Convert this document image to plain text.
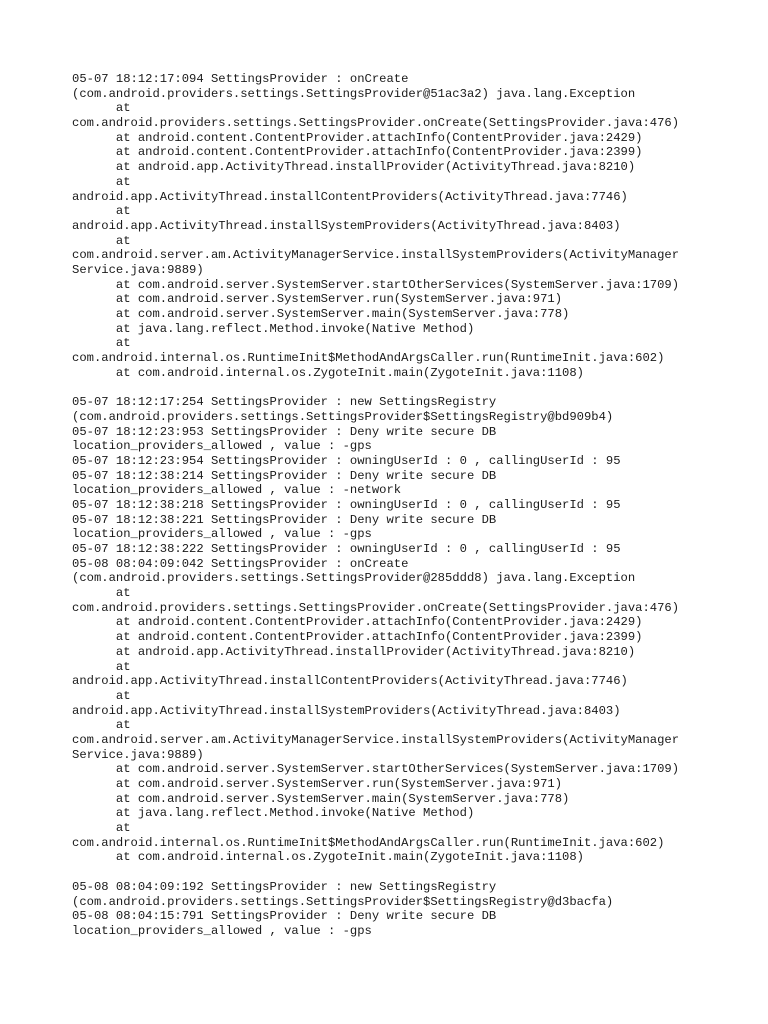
05-07 18:12:17:094 SettingsProvider : onCreate
(com.android.providers.settings.SettingsProvider@51ac3a2) java.lang.Exception
at
com.android.providers.settings.SettingsProvider.onCreate(SettingsProvider.java:476)
at android.content.ContentProvider.attachInfo(ContentProvider.java:2429)
at android.content.ContentProvider.attachInfo(ContentProvider.java:2399)
at android.app.ActivityThread.installProvider(ActivityThread.java:8210)
at
android.app.ActivityThread.installContentProviders(ActivityThread.java:7746)
at
android.app.ActivityThread.installSystemProviders(ActivityThread.java:8403)
at
com.android.server.am.ActivityManagerService.installSystemProviders(ActivityManager
Service.java:9889)
at com.android.server.SystemServer.startOtherServices(SystemServer.java:1709)
at com.android.server.SystemServer.run(SystemServer.java:971)
at com.android.server.SystemServer.main(SystemServer.java:778)
at java.lang.reflect.Method.invoke(Native Method)
at
com.android.internal.os.RuntimeInit$MethodAndArgsCaller.run(RuntimeInit.java:602)
at com.android.internal.os.ZygoteInit.main(ZygoteInit.java:1108)
05-07 18:12:17:254 SettingsProvider : new SettingsRegistry
(com.android.providers.settings.SettingsProvider$SettingsRegistry@bd909b4)
05-07 18:12:23:953 SettingsProvider : Deny write secure DB
location_providers_allowed , value : -gps
05-07 18:12:23:954 SettingsProvider : owningUserId : 0 , callingUserId : 95
05-07 18:12:38:214 SettingsProvider : Deny write secure DB
location_providers_allowed , value : -network
05-07 18:12:38:218 SettingsProvider : owningUserId : 0 , callingUserId : 95
05-07 18:12:38:221 SettingsProvider : Deny write secure DB
location_providers_allowed , value : -gps
05-07 18:12:38:222 SettingsProvider : owningUserId : 0 , callingUserId : 95
05-08 08:04:09:042 SettingsProvider : onCreate
(com.android.providers.settings.SettingsProvider@285ddd8) java.lang.Exception
at
com.android.providers.settings.SettingsProvider.onCreate(SettingsProvider.java:476)
at android.content.ContentProvider.attachInfo(ContentProvider.java:2429)
at android.content.ContentProvider.attachInfo(ContentProvider.java:2399)
at android.app.ActivityThread.installProvider(ActivityThread.java:8210)
at
android.app.ActivityThread.installContentProviders(ActivityThread.java:7746)
at
android.app.ActivityThread.installSystemProviders(ActivityThread.java:8403)
at
com.android.server.am.ActivityManagerService.installSystemProviders(ActivityManager
Service.java:9889)
at com.android.server.SystemServer.startOtherServices(SystemServer.java:1709)
at com.android.server.SystemServer.run(SystemServer.java:971)
at com.android.server.SystemServer.main(SystemServer.java:778)
at java.lang.reflect.Method.invoke(Native Method)
at
com.android.internal.os.RuntimeInit$MethodAndArgsCaller.run(RuntimeInit.java:602)
at com.android.internal.os.ZygoteInit.main(ZygoteInit.java:1108)
05-08 08:04:09:192 SettingsProvider : new SettingsRegistry
(com.android.providers.settings.SettingsProvider$SettingsRegistry@d3bacfa)
05-08 08:04:15:791 SettingsProvider : Deny write secure DB
location_providers_allowed , value : -gps
